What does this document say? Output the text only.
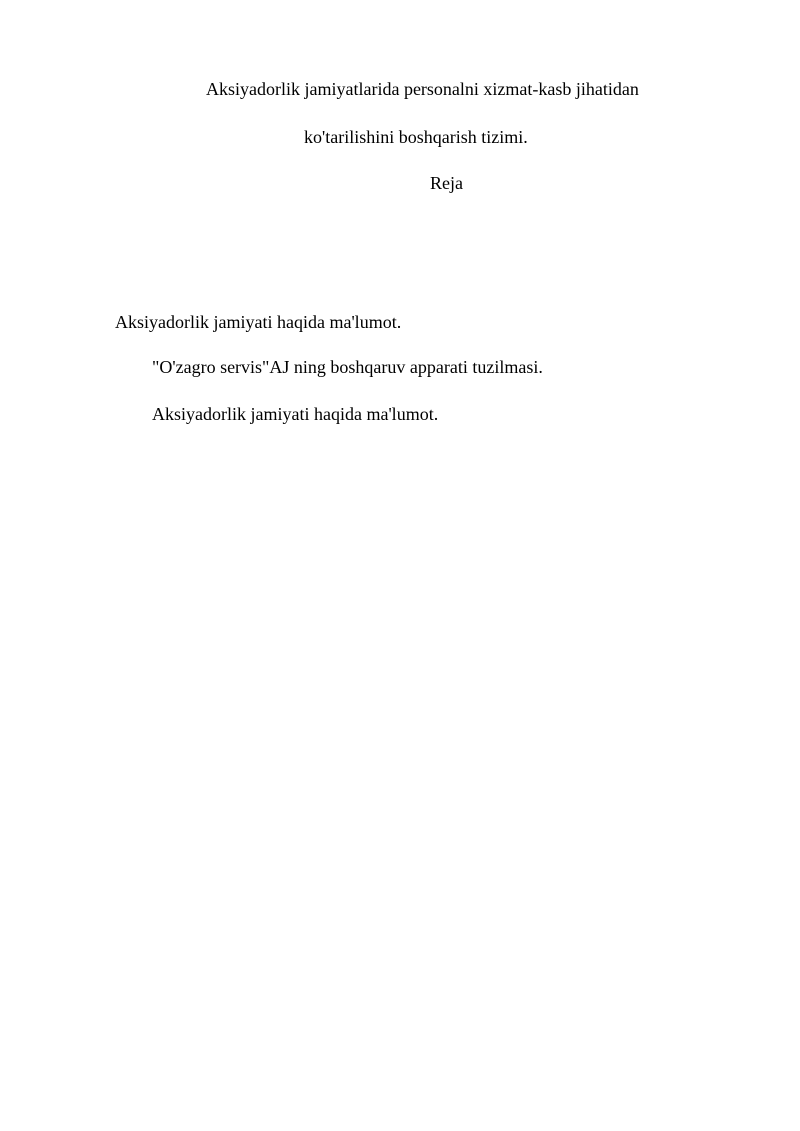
Aksiyadorlik jamiyatlarida personalni xizmat-kasb jihatidan
ko'tarilishini boshqarish tizimi.
Reja
Aksiyadorlik jamiyati haqida ma'lumot.
"O'zagro servis"AJ ning boshqaruv apparati tuzilmasi.
Aksiyadorlik jamiyati haqida ma'lumot.
